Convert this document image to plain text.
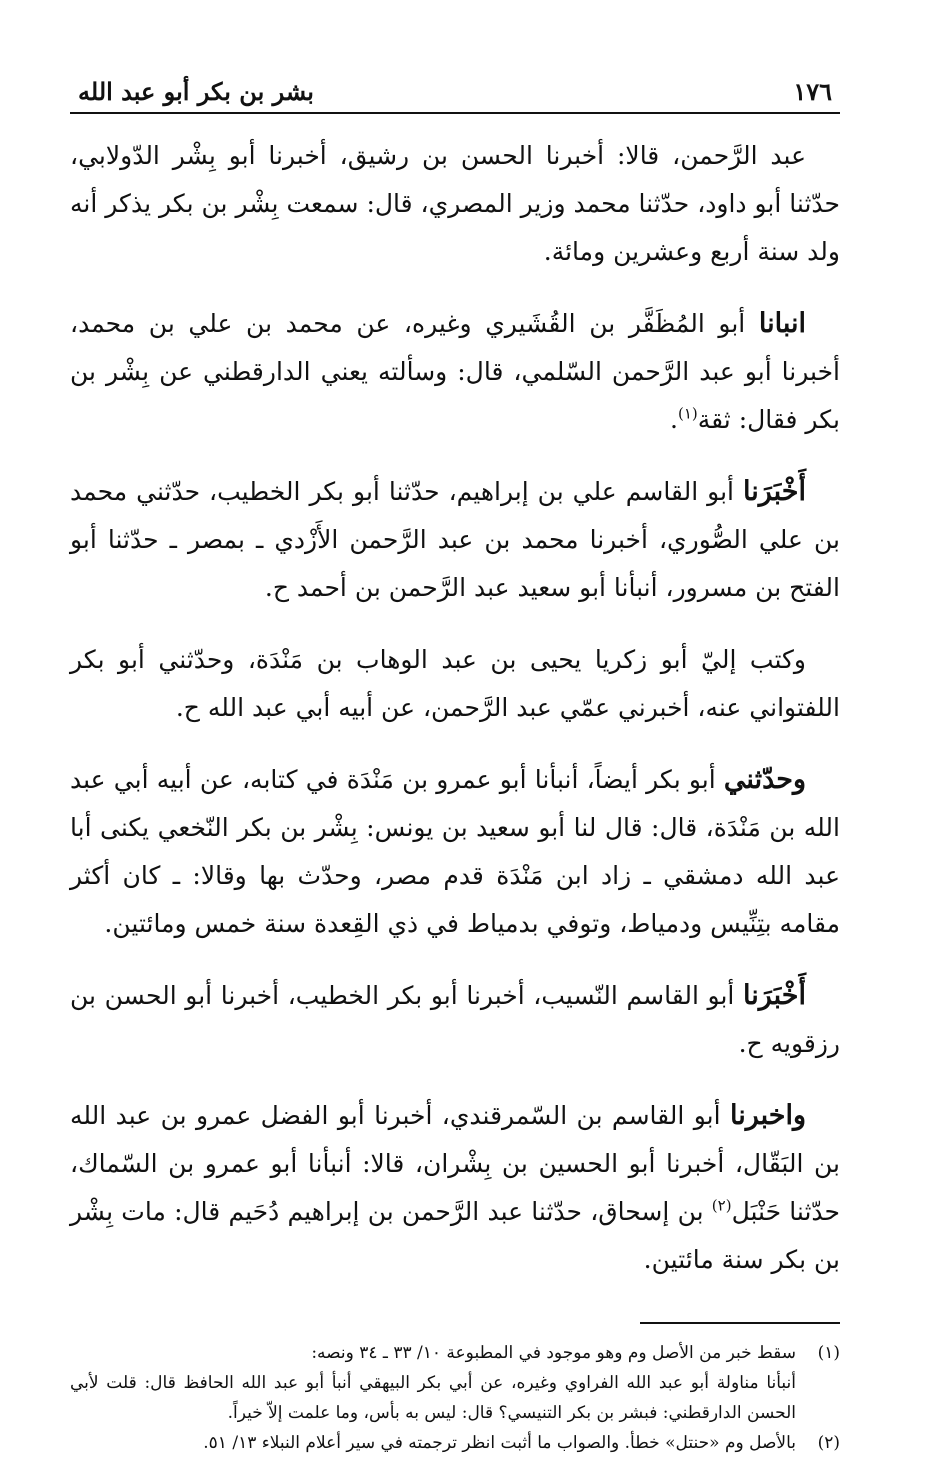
١٧٦
بشر بن بكر أبو عبد الله

عبد الرَّحمن، قالا: أخبرنا الحسن بن رشيق، أخبرنا أبو بِشْر الدّولابي، حدّثنا أبو داود، حدّثنا محمد وزير المصري، قال: سمعت بِشْر بن بكر يذكر أنه ولد سنة أربع وعشرين ومائة.

انبانا أبو المُظَفَّر بن القُشَيري وغيره، عن محمد بن علي بن محمد، أخبرنا أبو عبد الرَّحمن السّلمي، قال: وسألته يعني الدارقطني عن بِشْر بن بكر فقال: ثقة$^{(١)}$.

أَخْبَرَنا أبو القاسم علي بن إبراهيم، حدّثنا أبو بكر الخطيب، حدّثني محمد بن علي الصُّوري، أخبرنا محمد بن عبد الرَّحمن الأَزْدي ـ بمصر ـ حدّثنا أبو الفتح بن مسرور، أنبأنا أبو سعيد عبد الرَّحمن بن أحمد ح.

وكتب إليّ أبو زكريا يحيى بن عبد الوهاب بن مَنْدَة، وحدّثني أبو بكر اللفتواني عنه، أخبرني عمّي عبد الرَّحمن، عن أبيه أبي عبد الله ح.

وحدّثني أبو بكر أيضاً، أنبأنا أبو عمرو بن مَنْدَة في كتابه، عن أبيه أبي عبد الله بن مَنْدَة، قال: قال لنا أبو سعيد بن يونس: بِشْر بن بكر النّخعي يكنى أبا عبد الله دمشقي ـ زاد ابن مَنْدَة قدم مصر، وحدّث بها وقالا: ـ كان أكثر مقامه بتِنِّيس ودمياط، وتوفي بدمياط في ذي القِعدة سنة خمس ومائتين.

أَخْبَرَنا أبو القاسم النّسيب، أخبرنا أبو بكر الخطيب، أخبرنا أبو الحسن بن رزقويه ح.

واخبرنا أبو القاسم بن السّمرقندي، أخبرنا أبو الفضل عمرو بن عبد الله بن البَقّال، أخبرنا أبو الحسين بن بِشْران، قالا: أنبأنا أبو عمرو بن السّماك، حدّثنا حَنْبَل$^{(٢)}$ بن إسحاق، حدّثنا عبد الرَّحمن بن إبراهيم دُحَيم قال: مات بِشْر بن بكر سنة مائتين.

(١)

سقط خبر من الأصل وم وهو موجود في المطبوعة ١٠/ ٣٣ ـ ٣٤ ونصه:

أنبأنا مناولة أبو عبد الله الفراوي وغيره، عن أبي بكر البيهقي أنبأ أبو عبد الله الحافظ قال: قلت لأبي الحسن الدارقطني: فبشر بن بكر التنيسي؟ قال: ليس به بأس، وما علمت إلاّ خيراً.

(٢)

بالأصل وم «حنتل» خطأ. والصواب ما أثبت انظر ترجمته في سير أعلام النبلاء ١٣/ ٥١.
